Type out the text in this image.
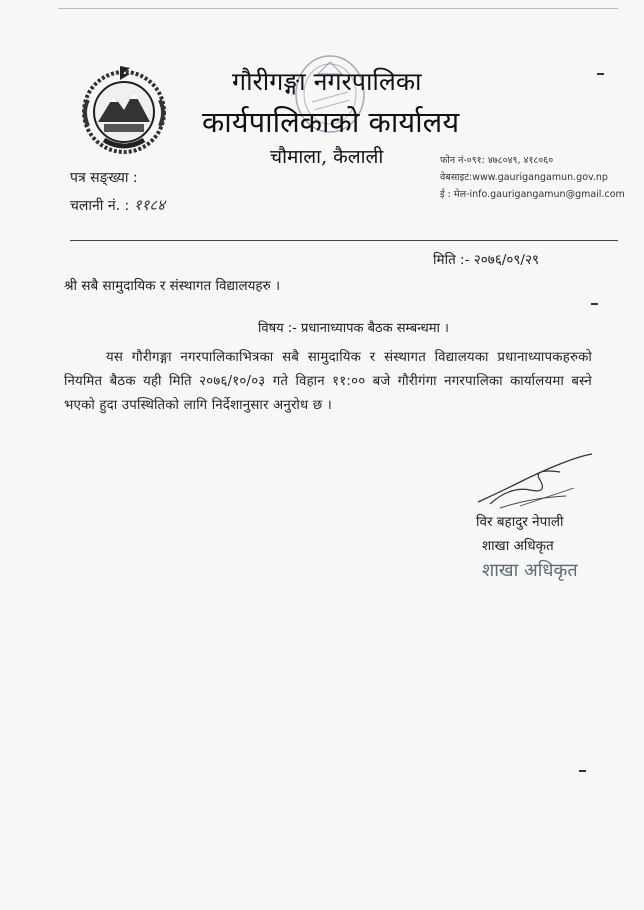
गौरीगङ्गा नगरपालिका
कार्यपालिकाको कार्यालय
चौमाला, कैलाली	फोन नं-०९१: ४७८०४९, ४१८०६०
वेबसाइट:www.gaurigangamun.gov.np
ई : मेल-info.gaurigangamun@gmail.com
पत्र सङ्ख्या :
चलानी नं. : ११८४
मिति :- २०७६/०९/२९
श्री सबै सामुदायिक र संस्थागत विद्यालयहरु ।
विषय :- प्रधानाध्यापक बैठक सम्बन्धमा ।
यस गौरीगङ्गा नगरपालिकाभित्रका सबै सामुदायिक र संस्थागत विद्यालयका प्रधानाध्यापकहरुको नियमित बैठक यही मिति २०७६/१०/०३ गते विहान ११:०० बजे गौरीगंगा नगरपालिका कार्यालयमा बस्ने भएको हुदा उपस्थितिको लागि निर्देशानुसार अनुरोध छ ।
विर बहादुर नेपाली
शाखा अधिकृत
शाखा अधिकृत
